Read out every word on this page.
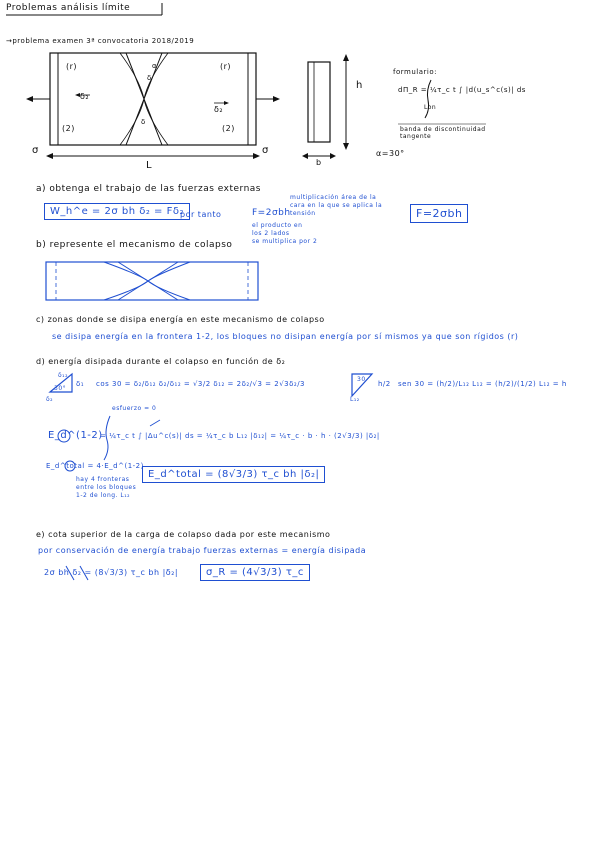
Problemas análisis límite
→problema examen 3ª convocatoria 2018/2019
(r)	(r)
(2)	(2)
α
δ₂
δ₂
δ
δ
σ	σ
L
h
b
formulario:
dΠ_R = ¼τ_c t ∫ |d(u_s^c(s)| ds
Lon
banda de discontinuidad tangente
α=30°
a) obtenga el trabajo de las fuerzas externas
W_h^e = 2σ bh δ₂ = Fδ₂
por tanto	F=2σbh
multiplicación área de la cara en la que se aplica la tensión
el producto en los 2 lados
se multiplica por 2
F=2σbh
b) represente el mecanismo de colapso
c) zonas donde se disipa energía en este mecanismo de colapso
se disipa energía en la frontera 1-2, los bloques no disipan energía por sí mismos ya que son rígidos (r)
d) energía disipada durante el colapso en función de δ₂
δ₁₂
30°
δ₂
δ₁ cos 30 = δ₂/δ₁₂ δ₂/δ₁₂ = √3/2 δ₁₂ = 2δ₂/√3 = 2√3δ₂/3
30
L₁₂
h/2 sen 30 = (h/2)/L₁₂ L₁₂ = (h/2)/(1/2) L₁₂ = h
E_d^(1-2)
esfuerzo = 0
= ¼τ_c t ∫ |Δu^c(s)| ds = ¼τ_c b L₁₂ |δ₁₂| = ¼τ_c · b · h · (2√3/3) |δ₂|
E_d^total = 4·E_d^(1-2)
hay 4 fronteras entre los bloques 1-2 de long. L₁₂
E_d^total = (8√3/3) τ_c bh |δ₂|
e) cota superior de la carga de colapso dada por este mecanismo
por conservación de energía trabajo fuerzas externas = energía disipada
2σ bh δ₂ = (8√3/3) τ_c bh |δ₂|	σ_R = (4√3/3) τ_c
